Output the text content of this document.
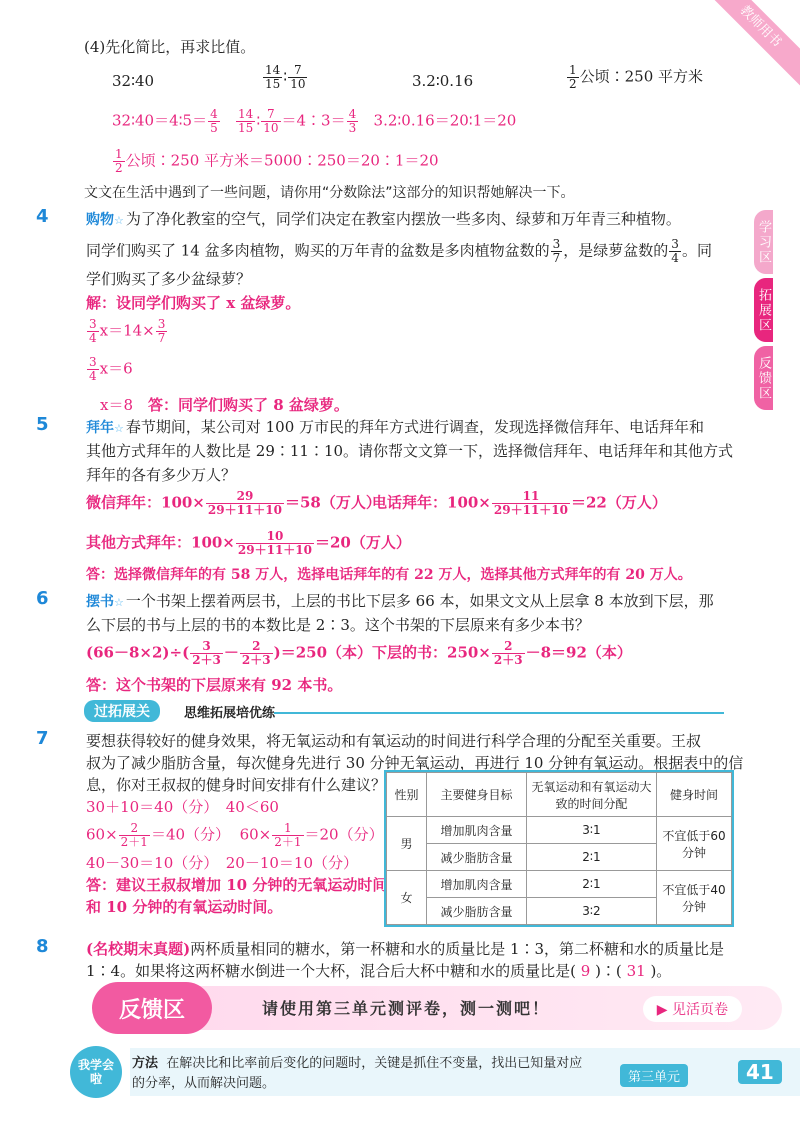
教师用书
学习区
拓展区
反馈区
(4)先化简比，再求比值。
32∶40	$\frac{14}{15}$ ∶ $\frac{7}{10}$	3.2∶0.16	$\frac{1}{2}$ 公顷∶250 平方米
32∶40＝4∶5＝ $\frac{4}{5}$
$\frac{14}{15}$ ∶ $\frac{7}{10}$ ＝4∶3＝ $\frac{4}{3}$ 3.2∶0.16＝20∶1＝20
$\frac{1}{2}$ 公顷∶250 平方米＝5000∶250＝20∶1＝20
文文在生活中遇到了一些问题，请你用“分数除法”这部分的知识帮她解决一下。
4	购物☆ 为了净化教室的空气，同学们决定在教室内摆放一些多肉、绿萝和万年青三种植物。
同学们购买了 14 盆多肉植物，购买的万年青的盆数是多肉植物盆数的 $\frac{3}{7}$ ，是绿萝盆数的 $\frac{3}{4}$ 。同
学们购买了多少盆绿萝？
解：设同学们购买了 x 盆绿萝。
$\frac{3}{4} x=14\times \frac{3}{7}$
$\frac{3}{4} x=6$
x＝8 答：同学们购买了 8 盆绿萝。
5	拜年☆ 春节期间，某公司对 100 万市民的拜年方式进行调查，发现选择微信拜年、电话拜年和
其他方式拜年的人数比是 29∶11∶10。请你帮文文算一下，选择微信拜年、电话拜年和其他方式
拜年的各有多少万人？
微信拜年：$100\times \frac{29}{29+11+10} =58$（万人）
电话拜年：$100\times \frac{11}{29+11+10} =22$（万人）
其他方式拜年：$100\times \frac{10}{29+11+10} =20$（万人）
答：选择微信拜年的有 58 万人，选择电话拜年的有 22 万人，选择其他方式拜年的有 20 万人。
6	摆书☆ 一个书架上摆着两层书，上层的书比下层多 66 本，如果文文从上层拿 8 本放到下层，那
么下层的书与上层的书的本数比是 2∶3。这个书架的下层原来有多少本书？
$(66-8\times 2)\div( \frac{3}{2+3} - \frac{2}{2+3} )=250$（本） 下层的书：$250\times \frac{2}{2+3} -8=92$（本）
答：这个书架的下层原来有 92 本书。
过拓展关	思维拓展培优练
7 要想获得较好的健身效果，将无氧运动和有氧运动的时间进行科学合理的分配至关重要。王叔
叔为了减少脂肪含量，每次健身先进行 30 分钟无氧运动，再进行 10 分钟有氧运动。根据表中的信
息，你对王叔叔的健身时间安排有什么建议？
30＋10＝40（分）　40＜60
$60\times \frac{2}{2+1} =40$（分） $60\times \frac{1}{2+1} =20$（分）
40－30＝10（分）　20－10＝10（分）
答：建议王叔叔增加 10 分钟的无氧运动时间
和 10 分钟的有氧运动时间。
性别	主要健身目标	无氧运动和有氧运动大致的时间分配	健身时间
男	增加肌肉含量	3∶1	不宜低于60分钟
	减少脂肪含量	2∶1	
女	增加肌肉含量	2∶1	不宜低于40分钟
	减少脂肪含量	3∶2	
8 (名校期末真题)两杯质量相同的糖水，第一杯糖和水的质量比是 1∶3，第二杯糖和水的质量比是
1∶4。如果将这两杯糖水倒进一个大杯，混合后大杯中糖和水的质量比是( 9 )∶( 31 )。
反馈区	请使用第三单元测评卷，测一测吧！	▶ 见活页卷
我学会啦
方法 在解决比和比率前后变化的问题时，关键是抓住不变量，找出已知量对应
的分率，从而解决问题。	第三单元	41
